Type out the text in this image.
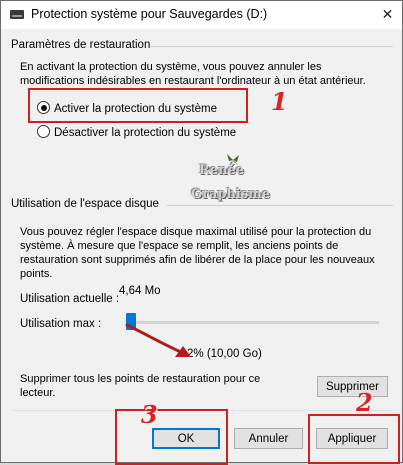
Protection système pour Sauvegardes (D:)	✕
Paramètres de restauration
En activant la protection du système, vous pouvez annuler les
modifications indésirables en restaurant l'ordinateur à un état antérieur.
Activer la protection du système
Désactiver la protection du système
Renée
Graphisme
Utilisation de l'espace disque
Vous pouvez régler l'espace disque maximal utilisé pour la protection du
système. À mesure que l'espace se remplit, les anciens points de
restauration sont supprimés afin de libérer de la place pour les nouveaux
points.
4,64 Mo
Utilisation actuelle :
Utilisation max :
2% (10,00 Go)
Supprimer tous les points de restauration pour ce
lecteur.
Supprimer
OK	Annuler	Appliquer
1
3	2
